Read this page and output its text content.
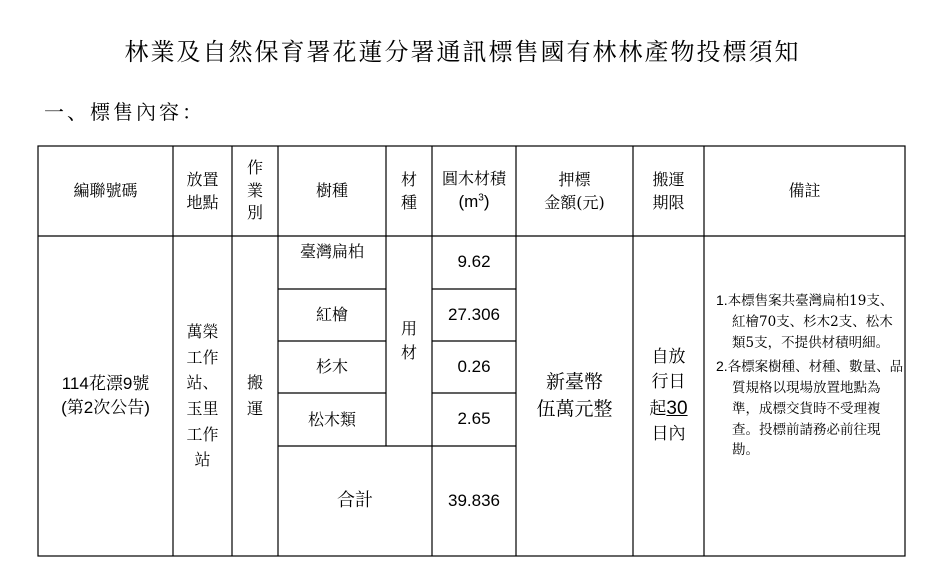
林業及自然保育署花蓮分署通訊標售國有林林產物投標須知
一、標售內容：
編聯號碼
放置
地點
作
業
別
樹種
材
種
圓木材積
$(m^3)$
押標
金額(元)
搬運
期限
備註
114花漂9號
(第2次公告)
萬榮
工作
站、
玉里
工作
站
搬
運
臺灣扁柏
紅檜
杉木
松木類
用
材
9.62
27.306
0.26
2.65
合計	39.836
新臺幣
伍萬元整
自放
行日
起30
日內
1.本標售案共臺灣扁柏19支、紅檜70支、杉木2支、松木類5支，不提供材積明細。
2.各標案樹種、材種、數量、品質規格以現場放置地點為準，成標交貨時不受理複查。投標前請務必前往現勘。
